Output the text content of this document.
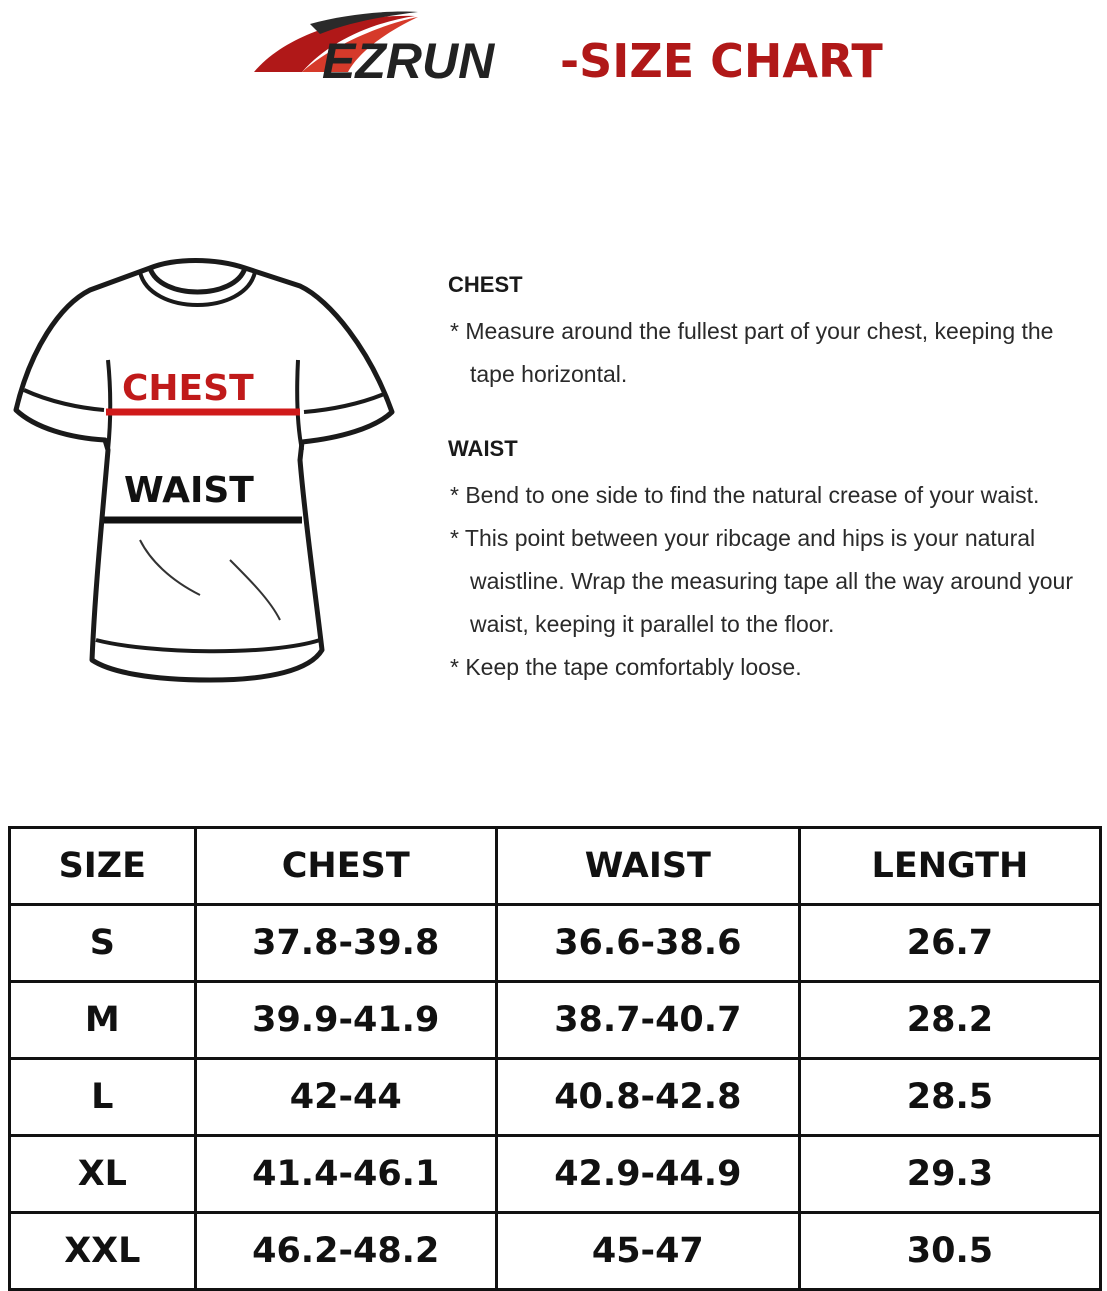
EZRUN -SIZE CHART
CHEST
WAIST
CHEST

* Measure around the fullest part of your chest, keeping the tape horizontal.

WAIST

* Bend to one side to find the natural crease of your waist.

* This point between your ribcage and hips is your natural waistline. Wrap the measuring tape all the way around your waist, keeping it parallel to the floor.

* Keep the tape comfortably loose.

SIZE	CHEST	WAIST	LENGTH
S	37.8-39.8	36.6-38.6	26.7
M	39.9-41.9	38.7-40.7	28.2
L	42-44	40.8-42.8	28.5
XL	41.4-46.1	42.9-44.9	29.3
XXL	46.2-48.2	45-47	30.5
